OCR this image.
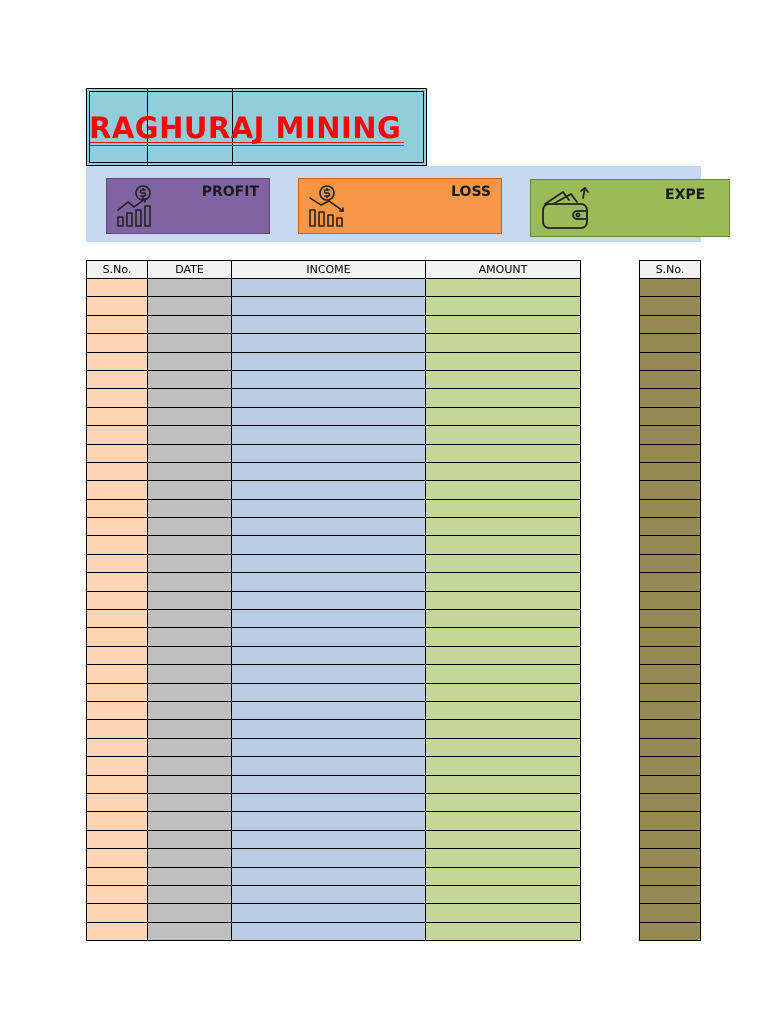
RAGHURAJ MINING
PROFIT	LOSS	EXPE
S.No.	DATE	INCOME	AMOUNT

				S.No.
